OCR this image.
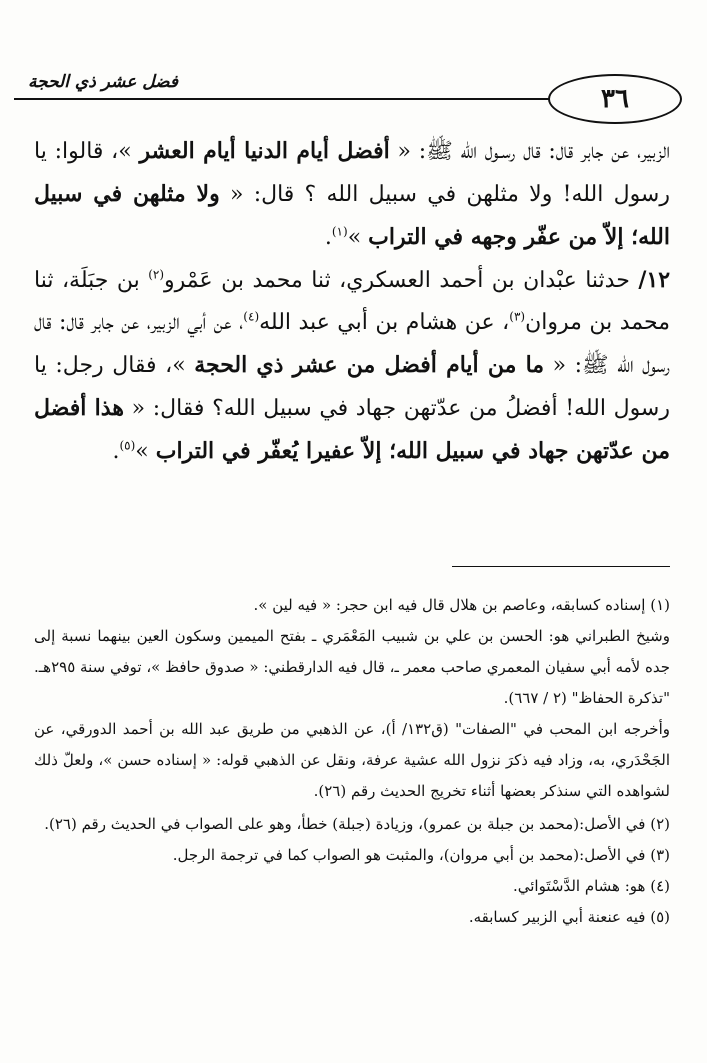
فضل عشر ذي الحجة
٣٦

الزبير، عن جابر قال: قال رسـول الله ﷺ: « أفضل أيام الدنيا أيام العشر »، قالوا: يا رسول الله! ولا مثلهن في سبيل الله ؟ قال: « ولا مثلهن في سبيل الله؛ إلاّ من عفّر وجهه في التراب »$^{(١)}$.

١٢/ حدثنا عبْدان بن أحمد العسكري، ثنا محمد بن عَمْرو$^{(٢)}$ بن جبَلَة، ثنا محمد بن مروان$^{(٣)}$، عن هشام بن أبي عبد الله$^{(٤)}$، عن أبي الزبير، عن جابر قال: قال رسول الله ﷺ: « ما من أيام أفضل من عشر ذي الحجة »، فقال رجل: يا رسول الله! أفضلُ من عدّتهن جهاد في سبيل الله؟ فقال: « هذا أفضل من عدّتهن جهاد في سبيل الله؛ إلاّ عفيرا يُعفّر في التراب »$^{(٥)}$.

(١) إسناده كسابقه، وعاصم بن هلال قال فيه ابن حجر: « فيه لين ».

وشيخ الطبراني هو: الحسن بن علي بن شبيب المَعْمَري ـ بفتح الميمين وسكون العين بينهما نسبة إلى جده لأمه أبي سفيان المعمري صاحب معمر ـ، قال فيه الدارقطني: « صدوق حافظ »، توفي سنة ٢٩٥هـ. "تذكرة الحفاظ" (٢ / ٦٦٧).

وأخرجه ابن المحب في "الصفات" (ق١٣٢/ أ)، عن الذهبي من طريق عبد الله بن أحمد الدورقي، عن الجَحْدَري، به، وزاد فيه ذكرَ نزول الله عشية عرفة، ونقل عن الذهبي قوله: « إسناده حسن »، ولعلّ ذلك لشواهده التي سنذكر بعضها أثناء تخريج الحديث رقم (٢٦).

(٢) في الأصل:(محمد بن جبلة بن عمرو)، وزيادة (جبلة) خطأ، وهو على الصواب في الحديث رقم (٢٦).

(٣) في الأصل:(محمد بن أبي مروان)، والمثبت هو الصواب كما في ترجمة الرجل.

(٤) هو: هشام الدَّسْتَوائي.

(٥) فيه عنعنة أبي الزبير كسابقه.
